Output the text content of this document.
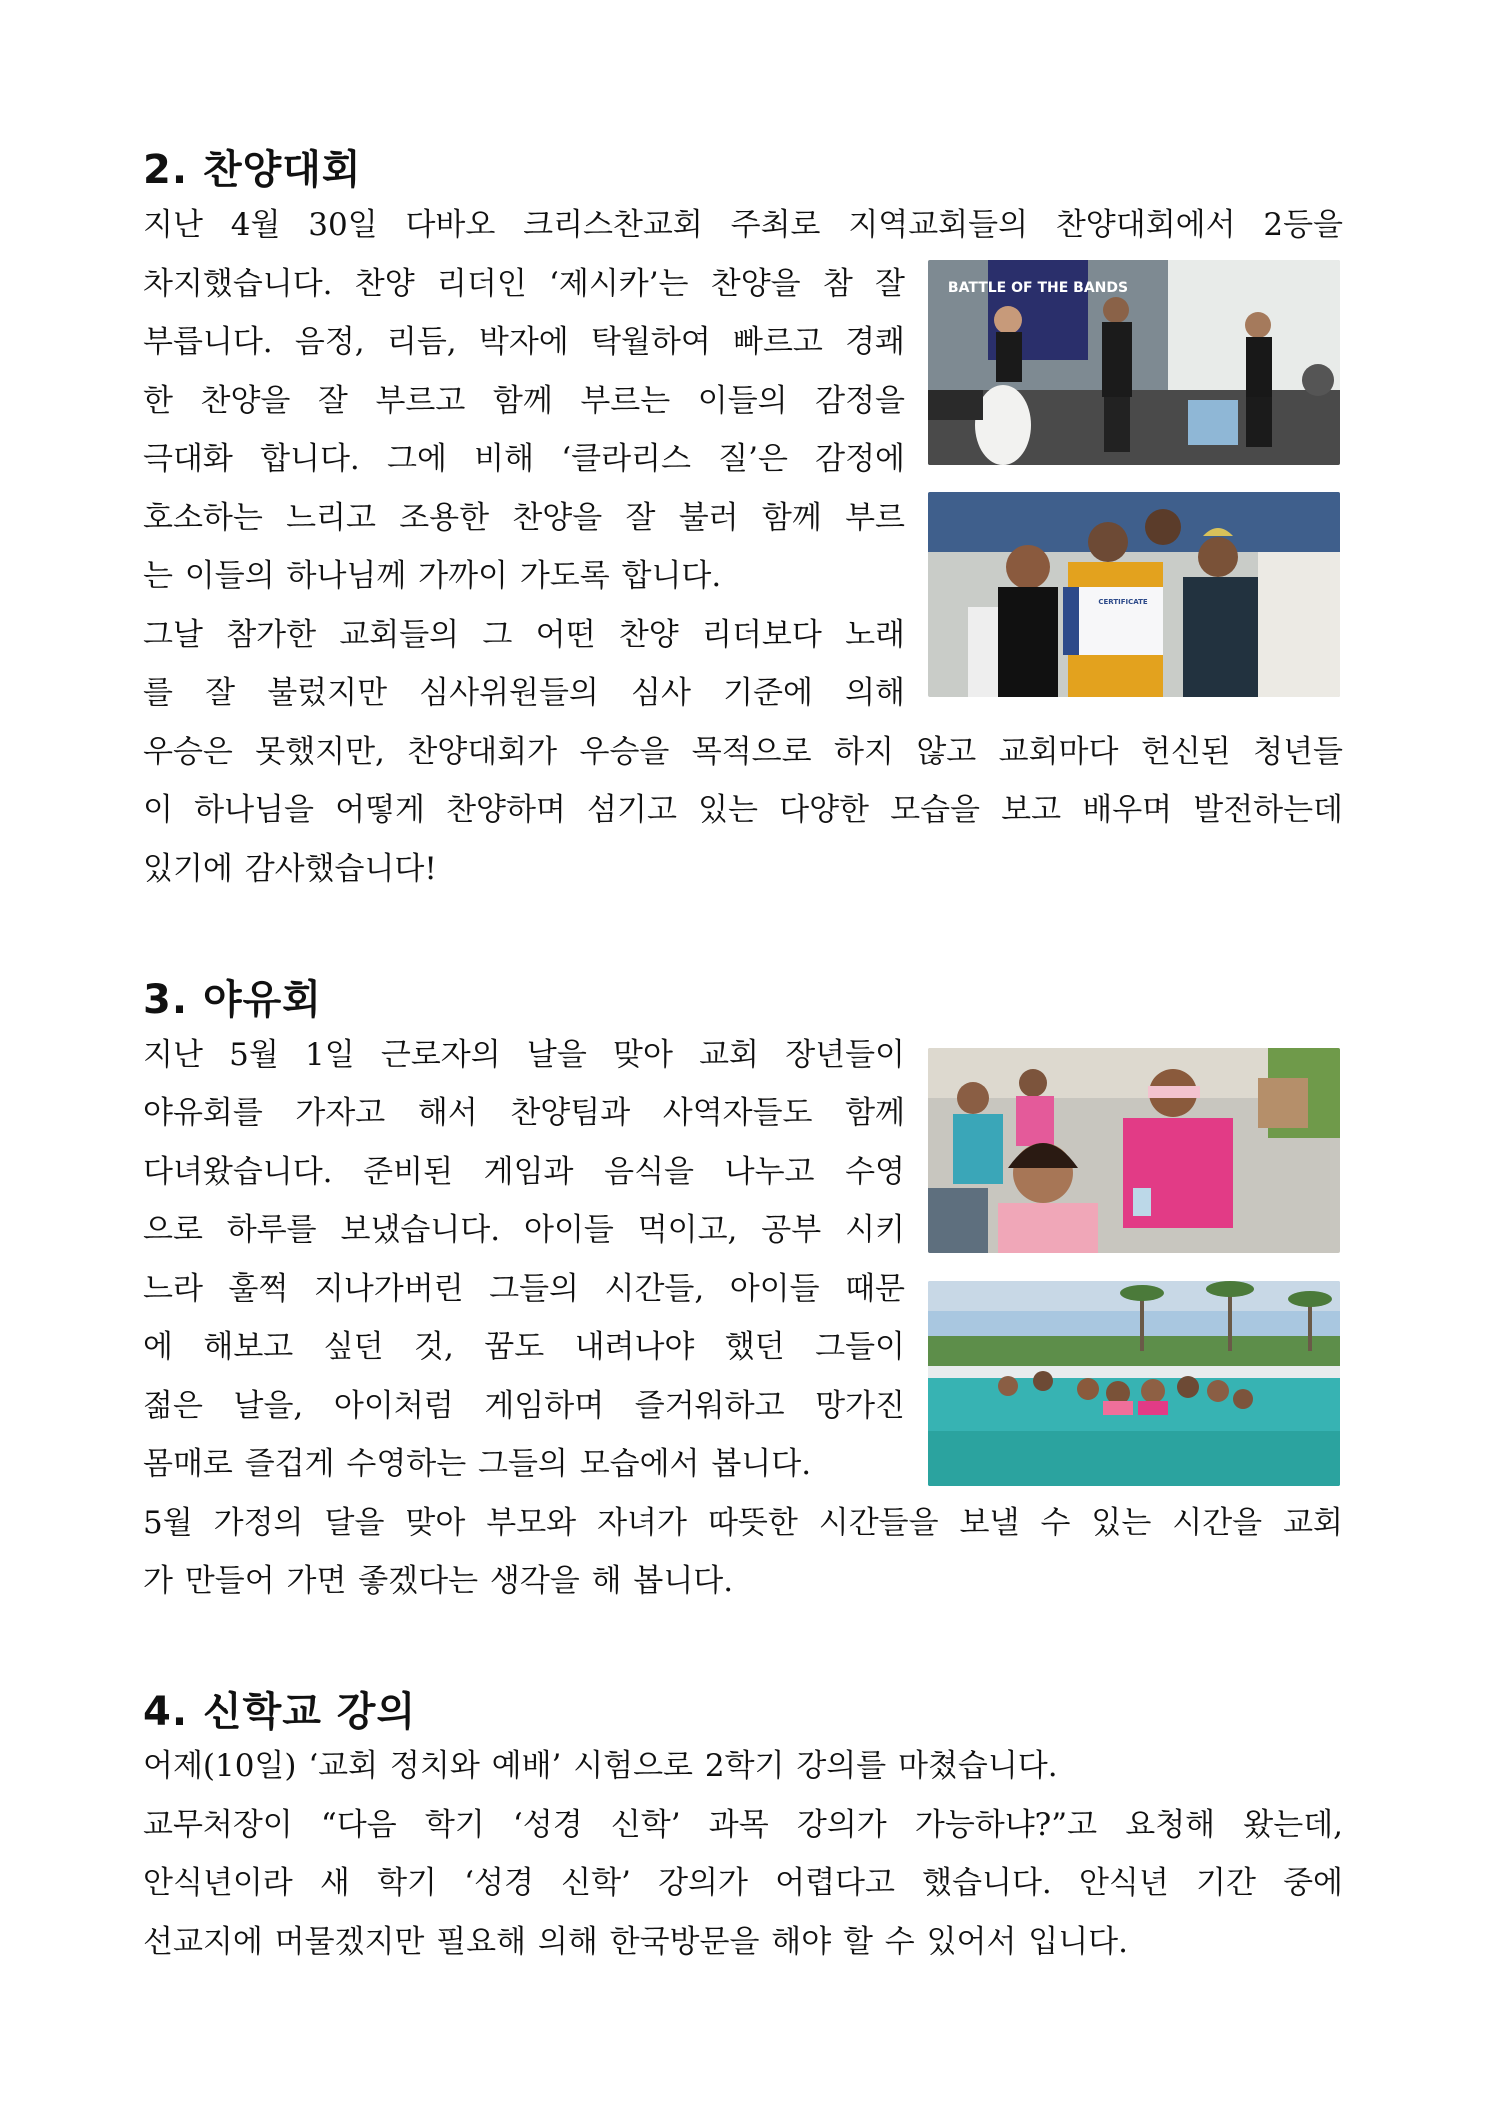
2. 찬양대회

지난 4월 30일 다바오 크리스찬교회 주최로 지역교회들의 찬양대회에서 2등을

차지했습니다. 찬양 리더인 ‘제시카’는 찬양을 참 잘

부릅니다. 음정, 리듬, 박자에 탁월하여 빠르고 경쾌

한 찬양을 잘 부르고 함께 부르는 이들의 감정을

극대화 합니다. 그에 비해 ‘클라리스 질’은 감정에

호소하는 느리고 조용한 찬양을 잘 불러 함께 부르

는 이들의 하나님께 가까이 가도록 합니다.

그날 참가한 교회들의 그 어떤 찬양 리더보다 노래

를 잘 불렀지만 심사위원들의 심사 기준에 의해

우승은 못했지만, 찬양대회가 우승을 목적으로 하지 않고 교회마다 헌신된 청년들

이 하나님을 어떻게 찬양하며 섬기고 있는 다양한 모습을 보고 배우며 발전하는데

있기에 감사했습니다!

BATTLE OF THE BANDS
CERTIFICATE
3. 야유회

지난 5월 1일 근로자의 날을 맞아 교회 장년들이

야유회를 가자고 해서 찬양팀과 사역자들도 함께

다녀왔습니다. 준비된 게임과 음식을 나누고 수영

으로 하루를 보냈습니다. 아이들 먹이고, 공부 시키

느라 훌쩍 지나가버린 그들의 시간들, 아이들 때문

에 해보고 싶던 것, 꿈도 내려나야 했던 그들이

젊은 날을, 아이처럼 게임하며 즐거워하고 망가진

몸매로 즐겁게 수영하는 그들의 모습에서 봅니다.

5월 가정의 달을 맞아 부모와 자녀가 따뜻한 시간들을 보낼 수 있는 시간을 교회

가 만들어 가면 좋겠다는 생각을 해 봅니다.

4. 신학교 강의

어제(10일) ‘교회 정치와 예배’ 시험으로 2학기 강의를 마쳤습니다.

교무처장이 “다음 학기 ‘성경 신학’ 과목 강의가 가능하냐?”고 요청해 왔는데,

안식년이라 새 학기 ‘성경 신학’ 강의가 어렵다고 했습니다. 안식년 기간 중에

선교지에 머물겠지만 필요해 의해 한국방문을 해야 할 수 있어서 입니다.
